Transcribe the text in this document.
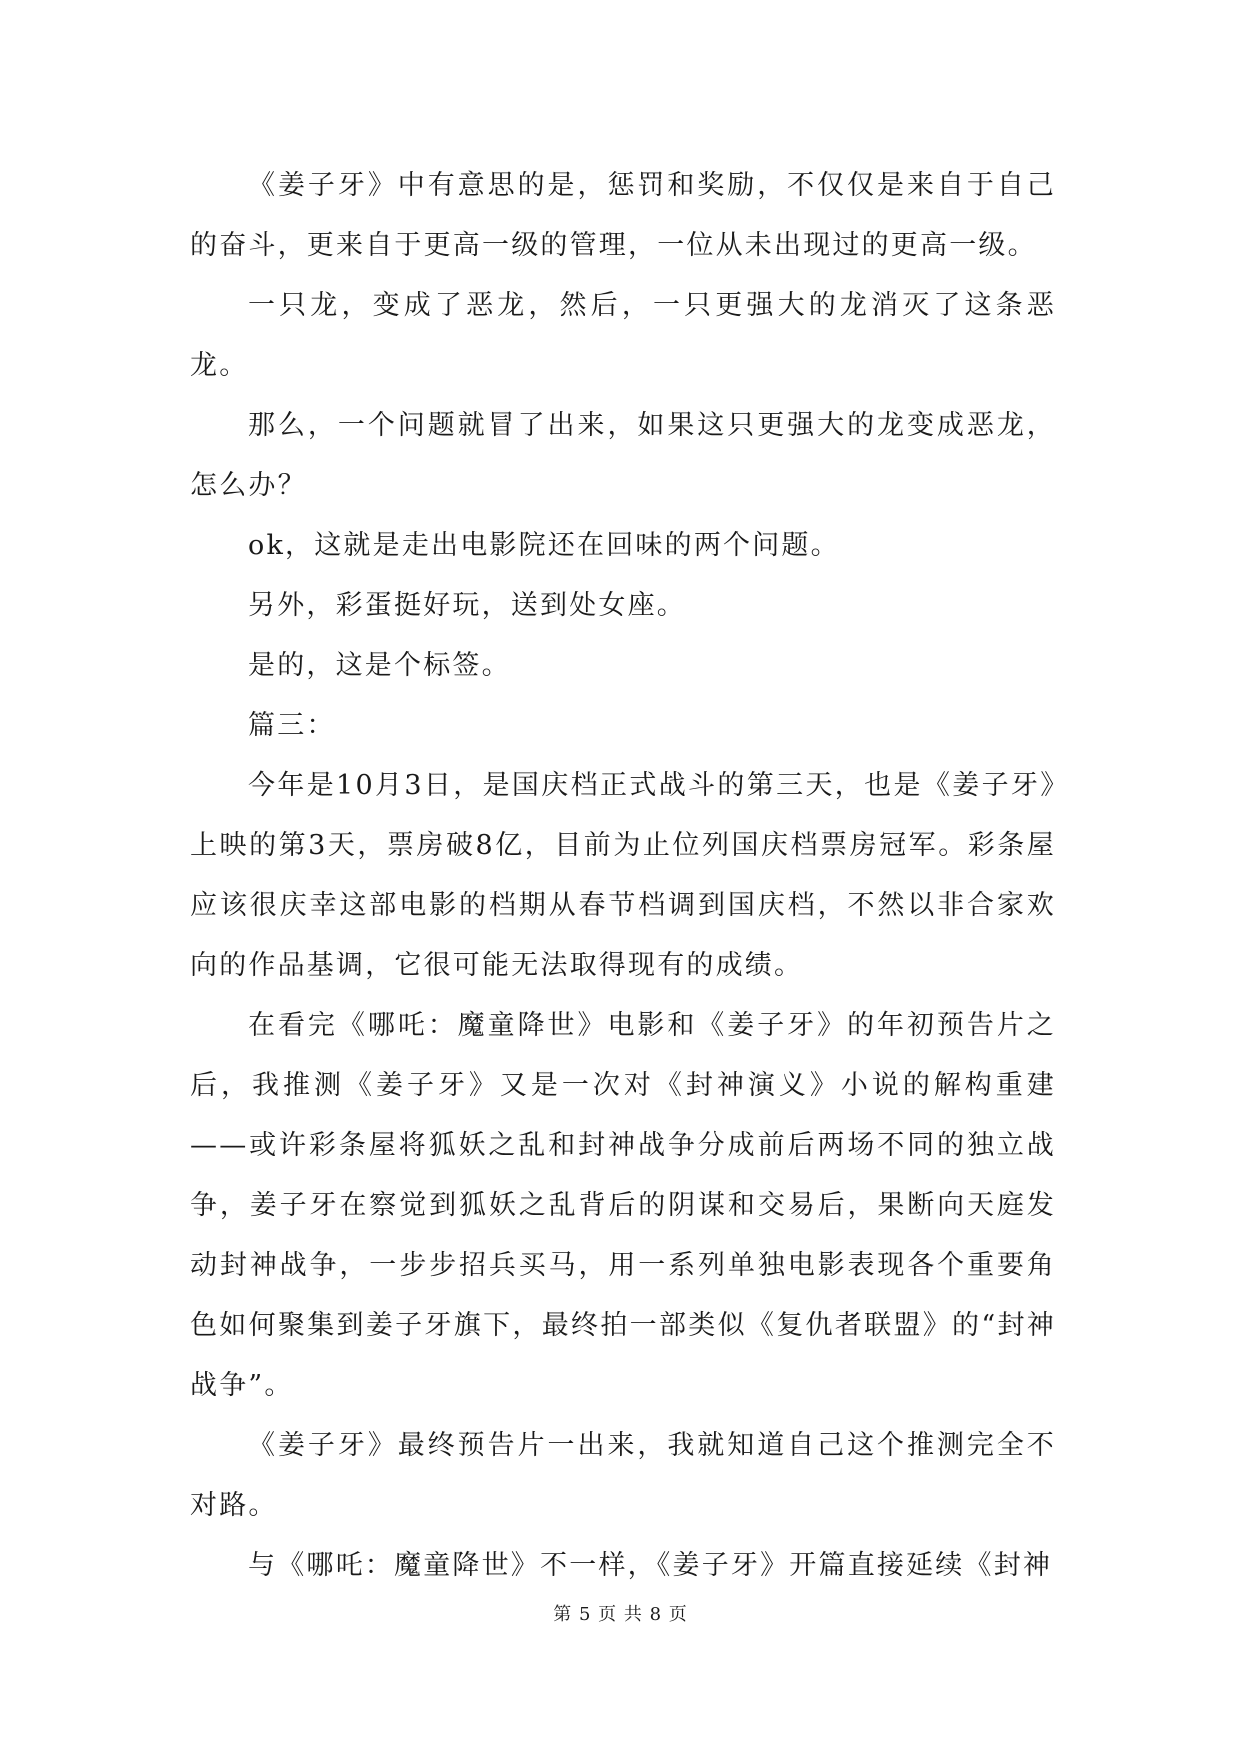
《姜子牙》中有意思的是，惩罚和奖励，不仅仅是来自于自己的奋斗，更来自于更高一级的管理，一位从未出现过的更高一级。

一只龙，变成了恶龙，然后，一只更强大的龙消灭了这条恶龙。

那么，一个问题就冒了出来，如果这只更强大的龙变成恶龙，怎么办？

ok，这就是走出电影院还在回味的两个问题。

另外，彩蛋挺好玩，送到处女座。

是的，这是个标签。

篇三：

今年是10月3日，是国庆档正式战斗的第三天，也是《姜子牙》上映的第3天，票房破8亿，目前为止位列国庆档票房冠军。彩条屋应该很庆幸这部电影的档期从春节档调到国庆档，不然以非合家欢向的作品基调，它很可能无法取得现有的成绩。

在看完《哪吒：魔童降世》电影和《姜子牙》的年初预告片之后，我推测《姜子牙》又是一次对《封神演义》小说的解构重建——或许彩条屋将狐妖之乱和封神战争分成前后两场不同的独立战争，姜子牙在察觉到狐妖之乱背后的阴谋和交易后，果断向天庭发动封神战争，一步步招兵买马，用一系列单独电影表现各个重要角色如何聚集到姜子牙旗下，最终拍一部类似《复仇者联盟》的“封神战争”。

《姜子牙》最终预告片一出来，我就知道自己这个推测完全不对路。

与《哪吒：魔童降世》不一样，《姜子牙》开篇直接延续《封神

第 5 页 共 8 页
